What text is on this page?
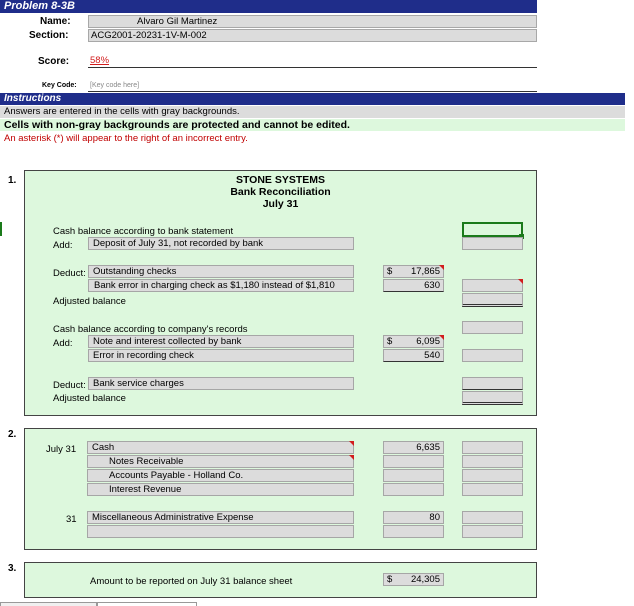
Problem 8-3B
Name:	Alvaro Gil Martinez
Section:	ACG2001-20231-1V-M-002
Score: 58%
Key Code: [Key code here]
Instructions
Answers are entered in the cells with gray backgrounds.
Cells with non-gray backgrounds are protected and cannot be edited.
An asterisk (*) will appear to the right of an incorrect entry.
1.	STONE SYSTEMS
Bank Reconciliation
July 31
Cash balance according to bank statement
Add:	Deposit of July 31, not recorded by bank
Deduct: Outstanding checks	$ 17,865
Bank error in charging check as $1,180 instead of $1,810	630
Adjusted balance
Cash balance according to company's records
Add:	Note and interest collected by bank	$	6,095
Error in recording check	540
Deduct: Bank service charges
Adjusted balance
2.
July 31	Cash	6,635
Notes Receivable
Accounts Payable - Holland Co.
Interest Revenue
31	Miscellaneous Administrative Expense	80
3.
Amount to be reported on July 31 balance sheet	$ 24,305
